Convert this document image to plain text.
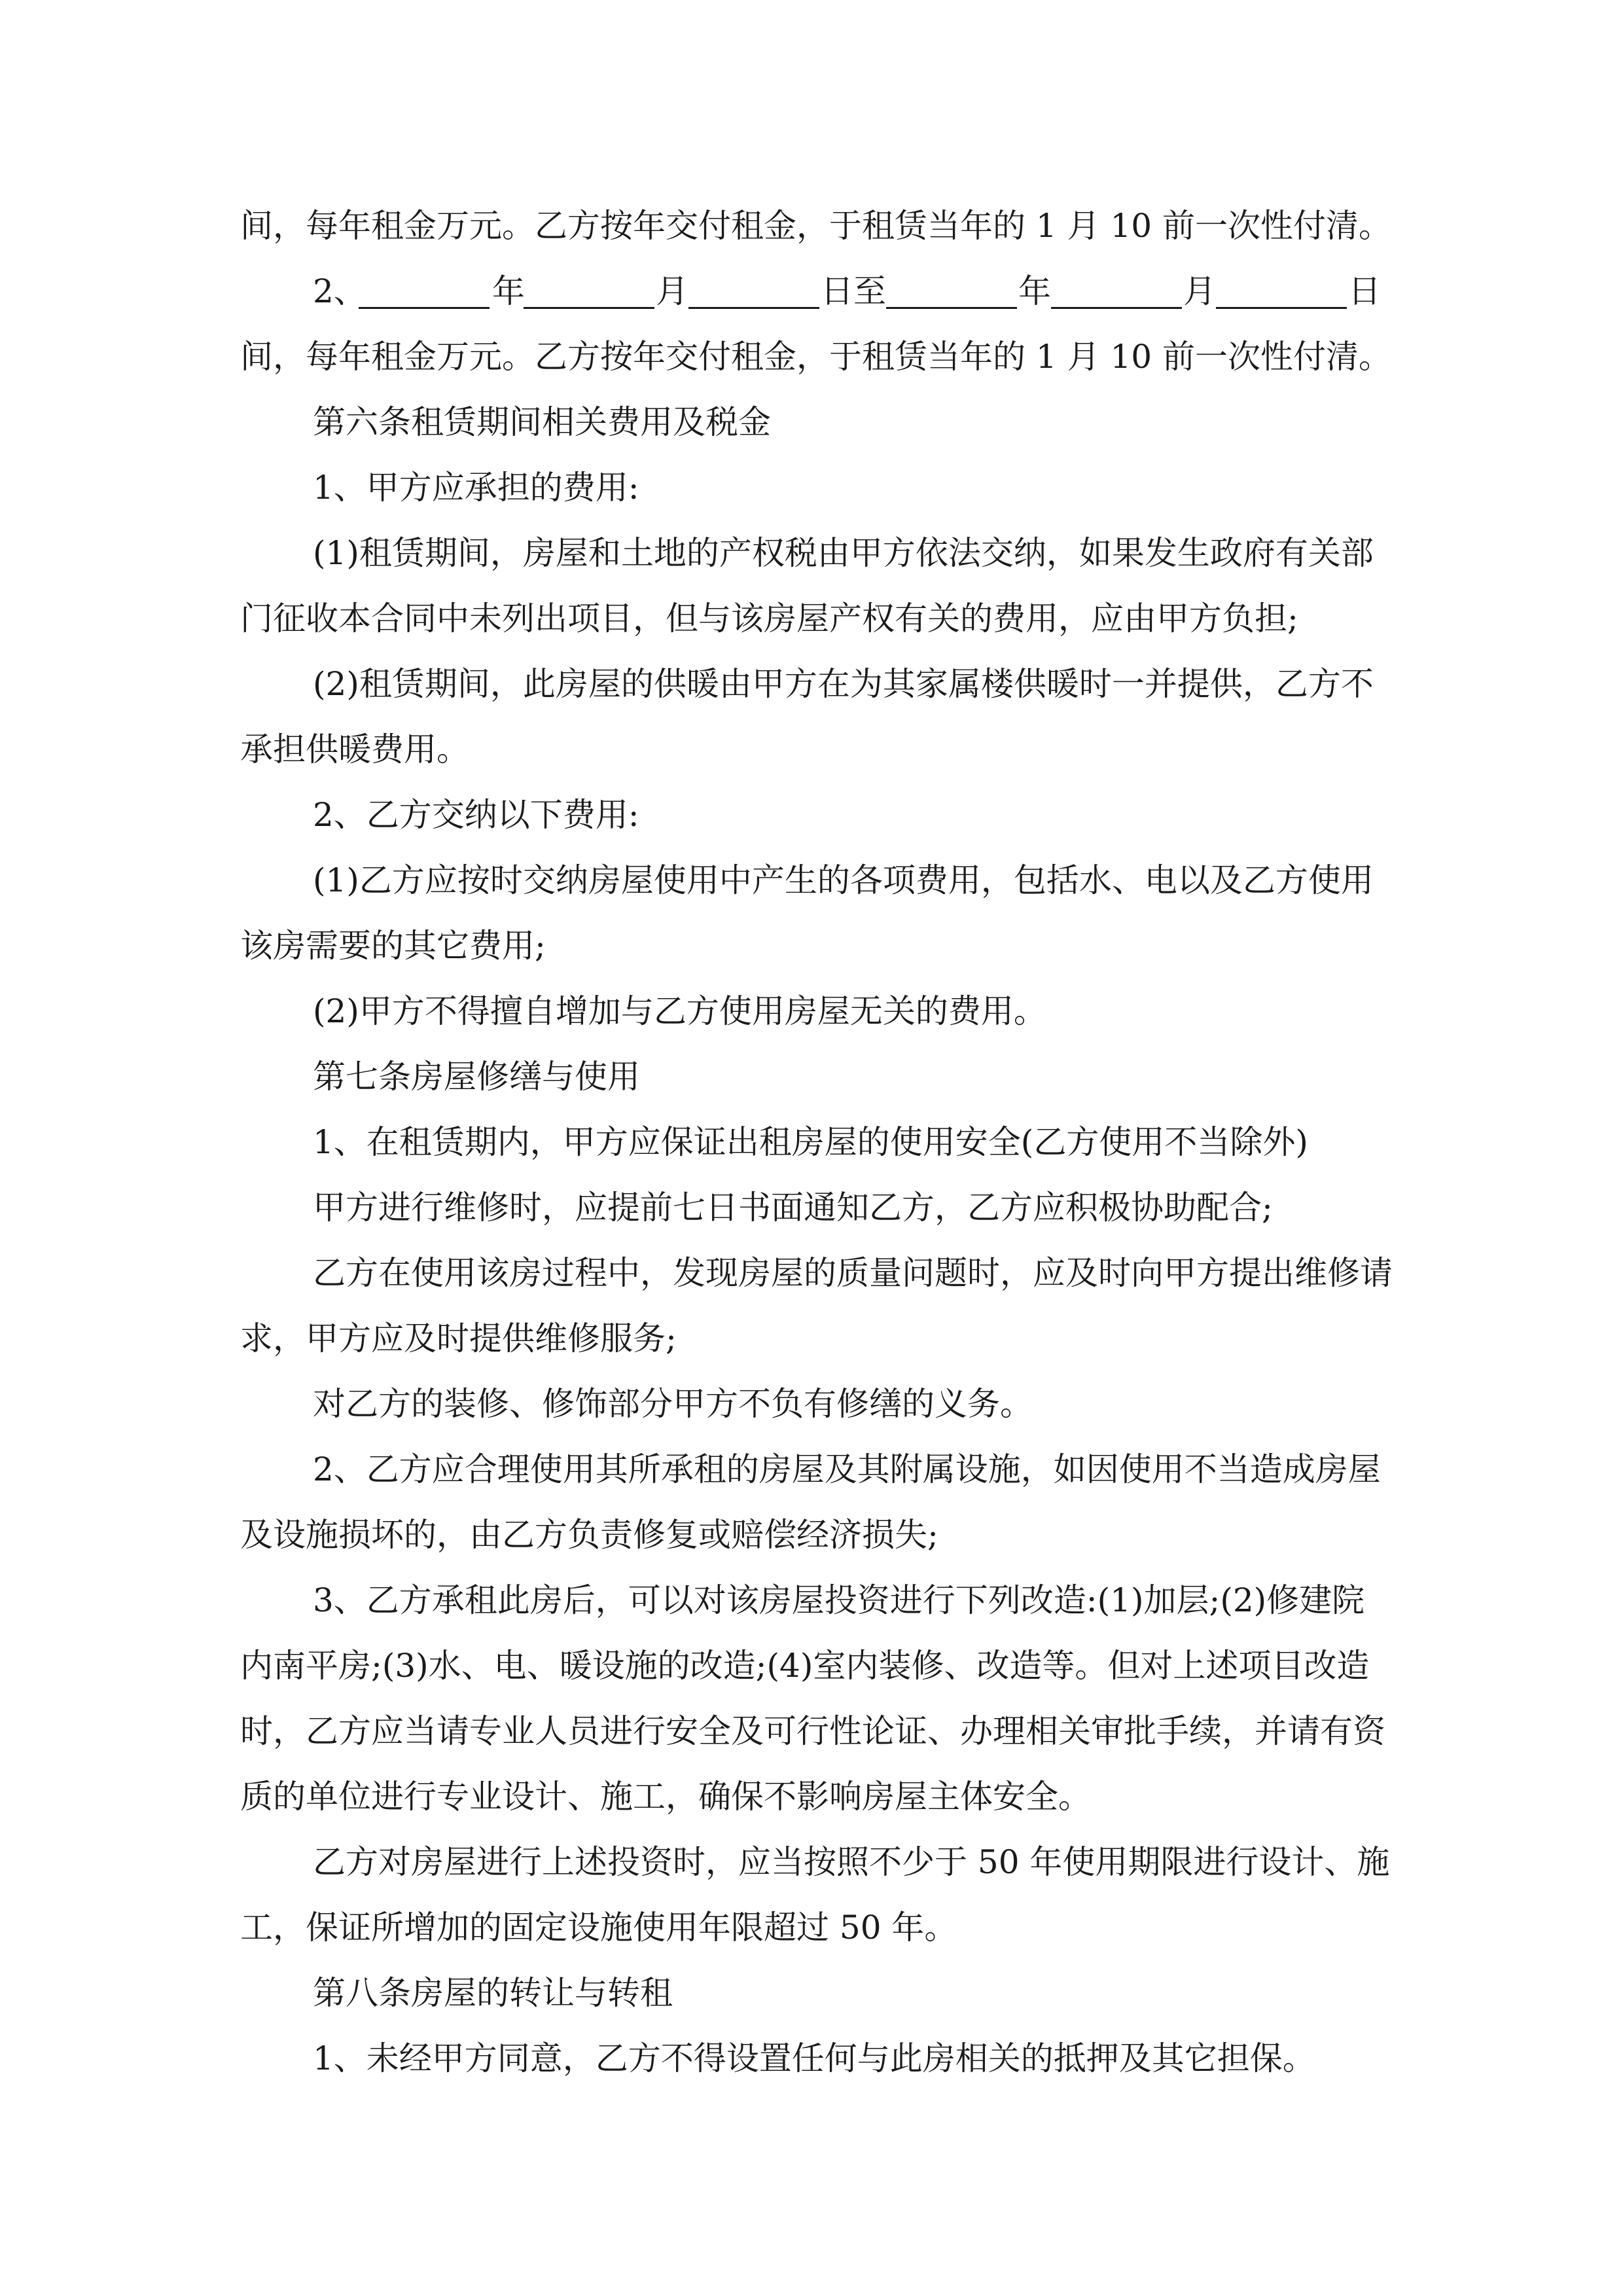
间，每年租金万元。乙方按年交付租金，于租赁当年的 1 月 10 前一次性付清。
2、	年	月	日至	年	月	日
间，每年租金万元。乙方按年交付租金，于租赁当年的 1 月 10 前一次性付清。
第六条租赁期间相关费用及税金
1、甲方应承担的费用:
(1)租赁期间，房屋和土地的产权税由甲方依法交纳，如果发生政府有关部
门征收本合同中未列出项目，但与该房屋产权有关的费用，应由甲方负担;
(2)租赁期间，此房屋的供暖由甲方在为其家属楼供暖时一并提供，乙方不
承担供暖费用。
2、乙方交纳以下费用:
(1)乙方应按时交纳房屋使用中产生的各项费用，包括水、电以及乙方使用
该房需要的其它费用;
(2)甲方不得擅自增加与乙方使用房屋无关的费用。
第七条房屋修缮与使用
1、在租赁期内，甲方应保证出租房屋的使用安全(乙方使用不当除外)
甲方进行维修时，应提前七日书面通知乙方，乙方应积极协助配合;
乙方在使用该房过程中，发现房屋的质量问题时，应及时向甲方提出维修请
求，甲方应及时提供维修服务;
对乙方的装修、修饰部分甲方不负有修缮的义务。
2、乙方应合理使用其所承租的房屋及其附属设施，如因使用不当造成房屋
及设施损坏的，由乙方负责修复或赔偿经济损失;
3、乙方承租此房后，可以对该房屋投资进行下列改造:(1)加层;(2)修建院
内南平房;(3)水、电、暖设施的改造;(4)室内装修、改造等。但对上述项目改造
时，乙方应当请专业人员进行安全及可行性论证、办理相关审批手续，并请有资
质的单位进行专业设计、施工，确保不影响房屋主体安全。
乙方对房屋进行上述投资时，应当按照不少于 50 年使用期限进行设计、施
工，保证所增加的固定设施使用年限超过 50 年。
第八条房屋的转让与转租
1、未经甲方同意，乙方不得设置任何与此房相关的抵押及其它担保。
